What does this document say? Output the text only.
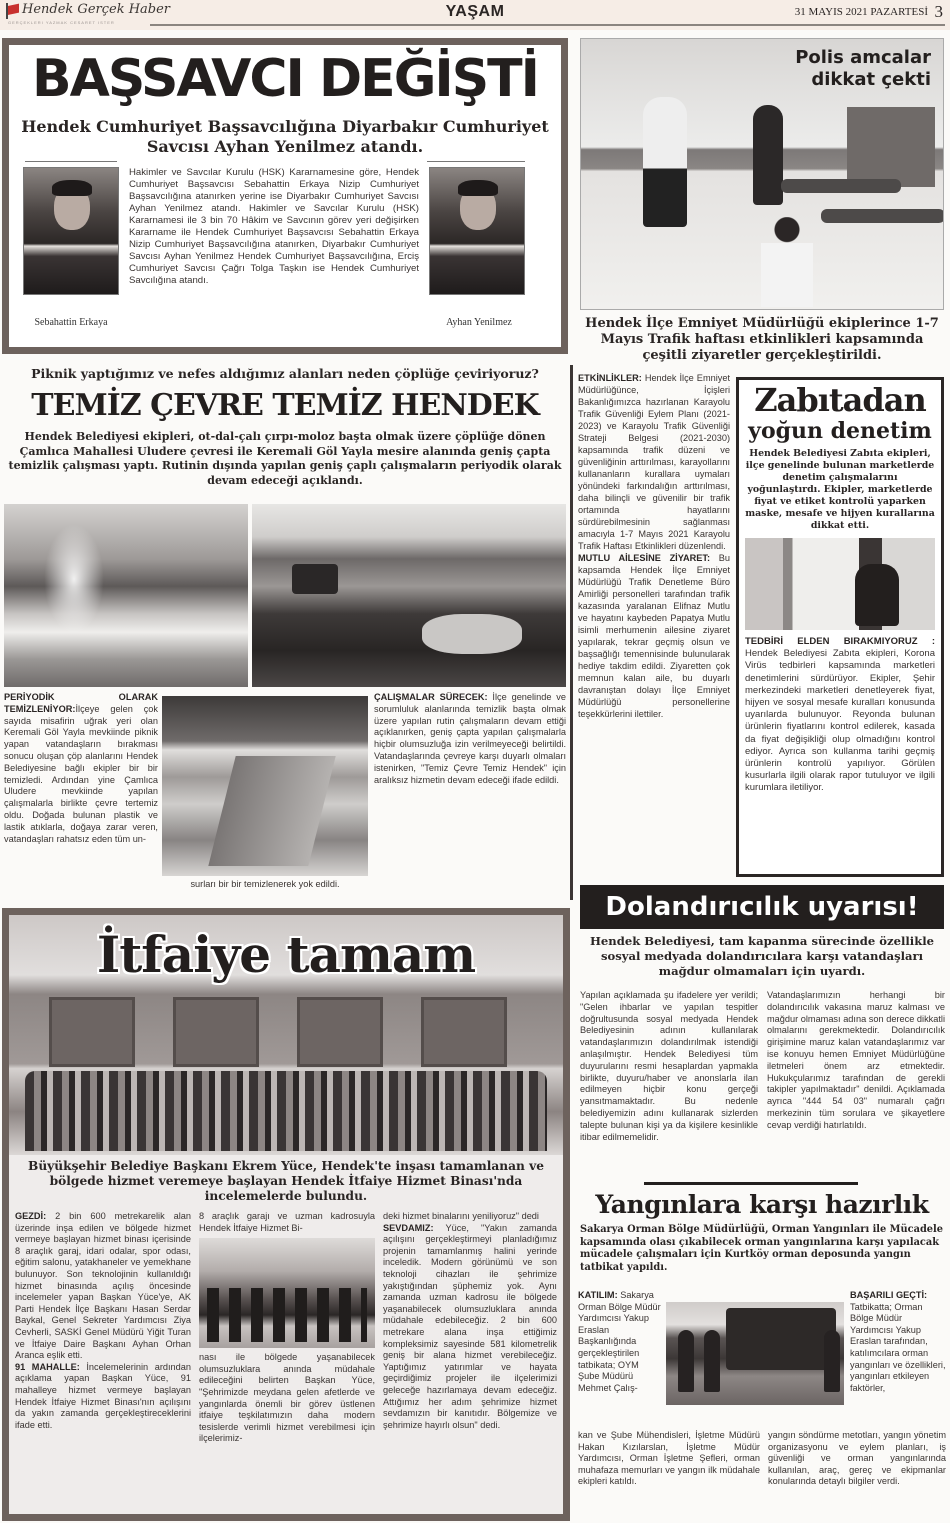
Hendek Gerçek Haber
GERÇEKLERI YAZMAK CESARET ISTER
YAŞAM	31 MAYIS 2021 PAZARTESİ 3
BAŞSAVCI DEĞİŞTİ
Hendek Cumhuriyet Başsavcılığına Diyarbakır Cumhuriyet Savcısı Ayhan Yenilmez atandı.
Sebahattin Erkaya
Hakimler ve Savcılar Kurulu (HSK) Kararnamesine göre, Hendek Cumhuriyet Başsavcısı Sebahattin Erkaya Nizip Cumhuriyet Başsavcılığına atanırken yerine ise Diyarbakır Cumhuriyet Savcısı Ayhan Yenilmez atandı. Hakimler ve Savcılar Kurulu (HSK) Kararnamesi ile 3 bin 70 Hâkim ve Savcının görev yeri değişirken Kararname ile Hendek Cumhuriyet Başsavcısı Sebahattin Erkaya Nizip Cumhuriyet Başsavcılığına atanırken, Diyarbakır Cumhuriyet Savcısı Ayhan Yenilmez Hendek Cumhuriyet Başsavcılığına, Erciş Cumhuriyet Savcısı Çağrı Tolga Taşkın ise Hendek Cumhuriyet Savcılığına atandı.
Ayhan Yenilmez
Polis amcalar
dikkat çekti
Hendek İlçe Emniyet Müdürlüğü ekiplerince 1-7 Mayıs Trafik haftası etkinlikleri kapsamında çeşitli ziyaretler gerçekleştirildi.
ETKİNLİKLER: Hendek İlçe Emniyet Müdürlüğünce, İçişleri Bakanlığımızca hazırlanan Karayolu Trafik Güvenliği Eylem Planı (2021-2023) ve Karayolu Trafik Güvenliği Strateji Belgesi (2021-2030) kapsamında trafik düzeni ve güvenliğinin arttırılması, karayollarını kullananların kurallara uymaları yönündeki farkındalığın arttırılması, daha bilinçli ve güvenilir bir trafik ortamında hayatlarını sürdürebilmesinin sağlanması amacıyla 1-7 Mayıs 2021 Karayolu Trafik Haftası Etkinlikleri düzenlendi.
MUTLU AİLESİNE ZİYARET: Bu kapsamda Hendek İlçe Emniyet Müdürlüğü Trafik Denetleme Büro Amirliği personelleri tarafından trafik kazasında yaralanan Elifnaz Mutlu ve hayatını kaybeden Papatya Mutlu isimli merhumenin ailesine ziyaret yapılarak, tekrar geçmiş olsun ve başsağlığı temennisinde bulunularak hediye takdim edildi. Ziyaretten çok memnun kalan aile, bu duyarlı davranıştan dolayı İlçe Emniyet Müdürlüğü personellerine teşekkürlerini ilettiler.
Zabıtadan
yoğun denetim
Hendek Belediyesi Zabıta ekipleri, ilçe genelinde bulunan marketlerde denetim çalışmalarını yoğunlaştırdı. Ekipler, marketlerde fiyat ve etiket kontrolü yaparken maske, mesafe ve hijyen kurallarına dikkat etti.
TEDBİRİ ELDEN BIRAKMIYORUZ : Hendek Belediyesi Zabıta ekipleri, Korona Virüs tedbirleri kapsamında marketleri denetimlerini sürdürüyor. Ekipler, Şehir merkezindeki marketleri denetleyerek fiyat, hijyen ve sosyal mesafe kuralları konusunda uyarılarda bulunuyor. Reyonda bulunan ürünlerin fiyatlarını kontrol edilerek, kasada da fiyat değişikliği olup olmadığını kontrol ediyor. Ayrıca son kullanma tarihi geçmiş ürünlerin kontrolü yapılıyor. Görülen kusurlarla ilgili olarak rapor tutuluyor ve ilgili kurumlara iletiliyor.
Piknik yaptığımız ve nefes aldığımız alanları neden çöplüğe çeviriyoruz?
TEMİZ ÇEVRE TEMİZ HENDEK
Hendek Belediyesi ekipleri, ot-dal-çalı çırpı-moloz başta olmak üzere çöplüğe dönen Çamlıca Mahallesi Uludere çevresi ile Keremali Göl Yayla mesire alanında geniş çapta temizlik çalışması yaptı. Rutinin dışında yapılan geniş çaplı çalışmaların periyodik olarak devam edeceği açıklandı.
PERİYODİK OLARAK TEMİZLENİYOR:İlçeye gelen çok sayıda misafirin uğrak yeri olan Keremali Göl Yayla mevkiinde piknik yapan vatandaşların bırakması sonucu oluşan çöp alanlarını Hendek Belediyesine bağlı ekipler bir bir temizledi. Ardından yine Çamlıca Uludere mevkiinde yapılan çalışmalarla birlikte çevre tertemiz oldu. Doğada bulunan plastik ve lastik atıklarla, doğaya zarar veren, vatandaşları rahatsız eden tüm un-
surları bir bir temizlenerek yok edildi.
ÇALIŞMALAR SÜRECEK: İlçe genelinde ve sorumluluk alanlarında temizlik başta olmak üzere yapılan rutin çalışmaların devam ettiği açıklanırken, geniş çapta yapılan çalışmalarla hiçbir olumsuzluğa izin verilmeyeceği belirtildi. Vatandaşlarında çevreye karşı duyarlı olmaları istenirken, "Temiz Çevre Temiz Hendek" için aralıksız hizmetin devam edeceği ifade edildi.
İtfaiye tamam
Büyükşehir Belediye Başkanı Ekrem Yüce, Hendek'te inşası tamamlanan ve bölgede hizmet veremeye başlayan Hendek İtfaiye Hizmet Binası'nda incelemelerde bulundu.
GEZDİ: 2 bin 600 metrekarelik alan üzerinde inşa edilen ve bölgede hizmet vermeye başlayan hizmet binası içerisinde 8 araçlık garaj, idari odalar, spor odası, eğitim salonu, yatakhaneler ve yemekhane bulunuyor. Son teknolojinin kullanıldığı hizmet binasında açılış öncesinde incelemeler yapan Başkan Yüce'ye, AK Parti Hendek İlçe Başkanı Hasan Serdar Baykal, Genel Sekreter Yardımcısı Ziya Cevherli, SASKİ Genel Müdürü Yiğit Turan ve İtfaiye Daire Başkanı Ayhan Orhan Aranca eşlik etti.
91 MAHALLE: İncelemelerinin ardından açıklama yapan Başkan Yüce, 91 mahalleye hizmet vermeye başlayan Hendek İtfaiye Hizmet Binası'nın açılışını da yakın zamanda gerçekleştireceklerini ifade etti.
8 araçlık garajı ve uzman kadrosuyla Hendek İtfaiye Hizmet Bi-
nası ile bölgede yaşanabilecek olumsuzluklara anında müdahale edileceğini belirten Başkan Yüce, "Şehrimizde meydana gelen afetlerde ve yangınlarda önemli bir görev üstlenen itfaiye teşkilatımızın daha modern tesislerde verimli hizmet verebilmesi için ilçelerimiz-
deki hizmet binalarını yeniliyoruz" dedi
SEVDAMIZ: Yüce, "Yakın zamanda açılışını gerçekleştirmeyi planladığımız projenin tamamlanmış halini yerinde inceledik. Modern görünümü ve son teknoloji cihazları ile şehrimize yakıştığından şüphemiz yok. Aynı zamanda uzman kadrosu ile bölgede yaşanabilecek olumsuzluklara anında müdahale edebileceğiz. 2 bin 600 metrekare alana inşa ettiğimiz kompleksimiz sayesinde 581 kilometrelik geniş bir alana hizmet verebileceğiz. Yaptığımız yatırımlar ve hayata geçirdiğimiz projeler ile ilçelerimizi geleceğe hazırlamaya devam edeceğiz. Attığımız her adım şehrimize hizmet sevdamızın bir kanıtıdır. Bölgemize ve şehrimize hayırlı olsun" dedi.
Dolandırıcılık uyarısı!
Hendek Belediyesi, tam kapanma sürecinde özellikle sosyal medyada dolandırıcılara karşı vatandaşları mağdur olmamaları için uyardı.
Yapılan açıklamada şu ifadelere yer verildi; "Gelen ihbarlar ve yapılan tespitler doğrultusunda sosyal medyada Hendek Belediyesinin adının kullanılarak vatandaşlarımızın dolandırılmak istendiği anlaşılmıştır. Hendek Belediyesi tüm duyurularını resmi hesaplardan yapmakla birlikte, duyuru/haber ve anonslarla ilan edilmeyen hiçbir konu gerçeği yansıtmamaktadır. Bu nedenle belediyemizin adını kullanarak sizlerden talepte bulunan kişi ya da kişilere kesinlikle itibar edilmemelidir.
Vatandaşlarımızın herhangi bir dolandırıcılık vakasına maruz kalması ve mağdur olmaması adına son derece dikkatli olmalarını gerekmektedir. Dolandırıcılık girişimine maruz kalan vatandaşlarımız var ise konuyu hemen Emniyet Müdürlüğüne iletmeleri önem arz etmektedir. Hukukçularımız tarafından de gerekli takipler yapılmaktadır" denildi. Açıklamada ayrıca "444 54 03" numaralı çağrı merkezinin tüm sorulara ve şikayetlere cevap verdiği hatırlatıldı.
Yangınlara karşı hazırlık
Sakarya Orman Bölge Müdürlüğü, Orman Yangınları ile Mücadele kapsamında olası çıkabilecek orman yangınlarına karşı yapılacak mücadele çalışmaları için Kurtköy orman deposunda yangın tatbikat yapıldı.
KATILIM: Sakarya Orman Bölge Müdür Yardımcısı Yakup Eraslan Başkanlığında gerçekleştirilen tatbikata; OYM Şube Müdürü Mehmet Çalış-
BAŞARILI GEÇTİ: Tatbikatta; Orman Bölge Müdür Yardımcısı Yakup Eraslan tarafından, katılımcılara orman yangınları ve özellikleri, yangınları etkileyen faktörler,
kan ve Şube Mühendisleri, İşletme Müdürü Hakan Kızılarslan, İşletme Müdür Yardımcısı, Orman İşletme Şefleri, orman muhafaza memurları ve yangın ilk müdahale ekipleri katıldı.
yangın söndürme metotları, yangın yönetim organizasyonu ve eylem planları, iş güvenliği ve orman yangınlarında kullanılan, araç, gereç ve ekipmanlar konularında detaylı bilgiler verdi.
